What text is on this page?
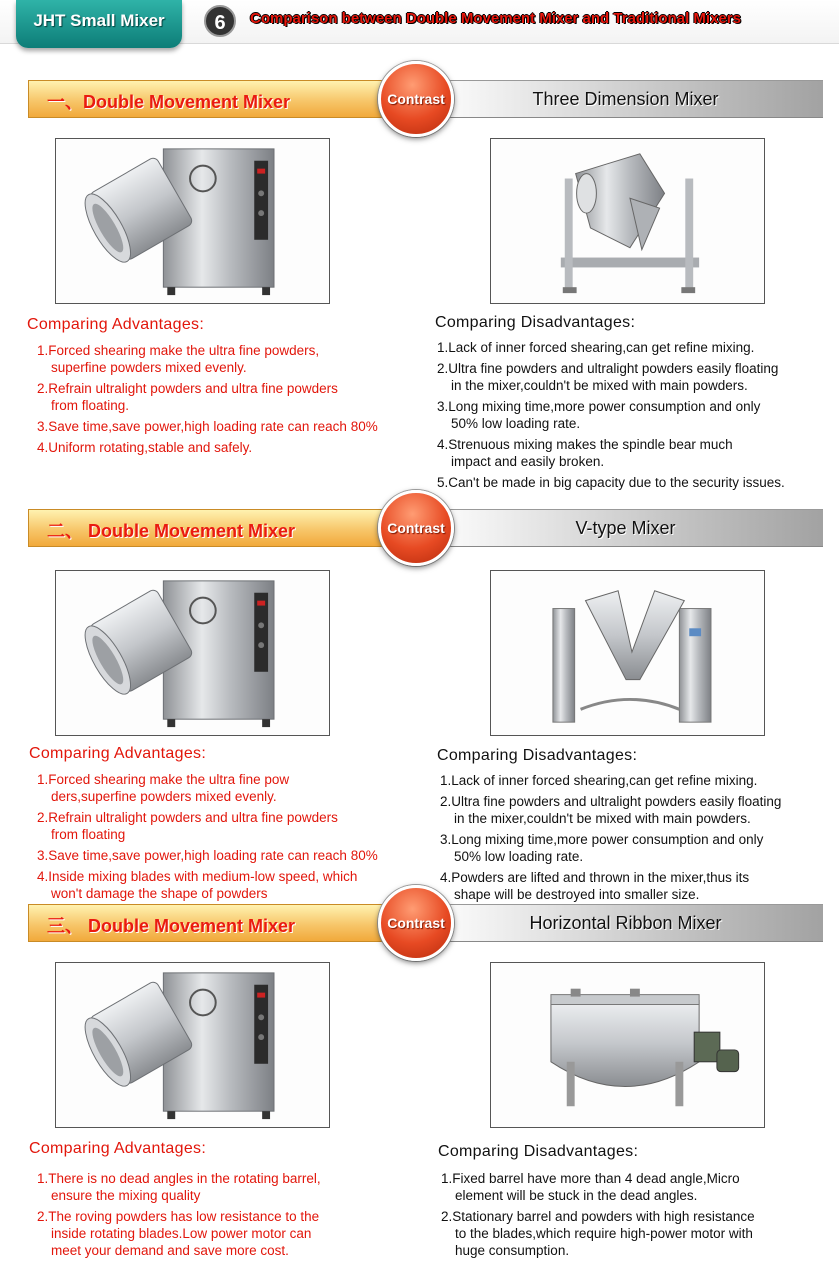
JHT Small Mixer	6	Comparison between Double Movement Mixer and Traditional Mixers
一、Double Movement Mixer	Three Dimension Mixer
Contrast
Comparing Advantages:
1.Forced shearing make the ultra fine powders,
superfine powders mixed evenly.
2.Refrain ultralight powders and ultra fine powders
from floating.
3.Save time,save power,high loading rate can reach 80%
4.Uniform rotating,stable and safely.
Comparing Disadvantages:
1.Lack of inner forced shearing,can get refine mixing.
2.Ultra fine powders and ultralight powders easily floating
in the mixer,couldn't be mixed with main powders.
3.Long mixing time,more power consumption and only
50% low loading rate.
4.Strenuous mixing makes the spindle bear much
impact and easily broken.
5.Can't be made in big capacity due to the security issues.
二、 Double Movement Mixer	V-type Mixer
Contrast
Comparing Advantages:
1.Forced shearing make the ultra fine pow
ders,superfine powders mixed evenly.
2.Refrain ultralight powders and ultra fine powders
from floating
3.Save time,save power,high loading rate can reach 80%
4.Inside mixing blades with medium-low speed, which
won't damage the shape of powders
Comparing Disadvantages:
1.Lack of inner forced shearing,can get refine mixing.
2.Ultra fine powders and ultralight powders easily floating
in the mixer,couldn't be mixed with main powders.
3.Long mixing time,more power consumption and only
50% low loading rate.
4.Powders are lifted and thrown in the mixer,thus its
shape will be destroyed into smaller size.
三、 Double Movement Mixer	Horizontal Ribbon Mixer
Contrast
Comparing Advantages:
1.There is no dead angles in the rotating barrel,
ensure the mixing quality
2.The roving powders has low resistance to the
inside rotating blades.Low power motor can
meet your demand and save more cost.
Comparing Disadvantages:
1.Fixed barrel have more than 4 dead angle,Micro
element will be stuck in the dead angles.
2.Stationary barrel and powders with high resistance
to the blades,which require high-power motor with
huge consumption.
